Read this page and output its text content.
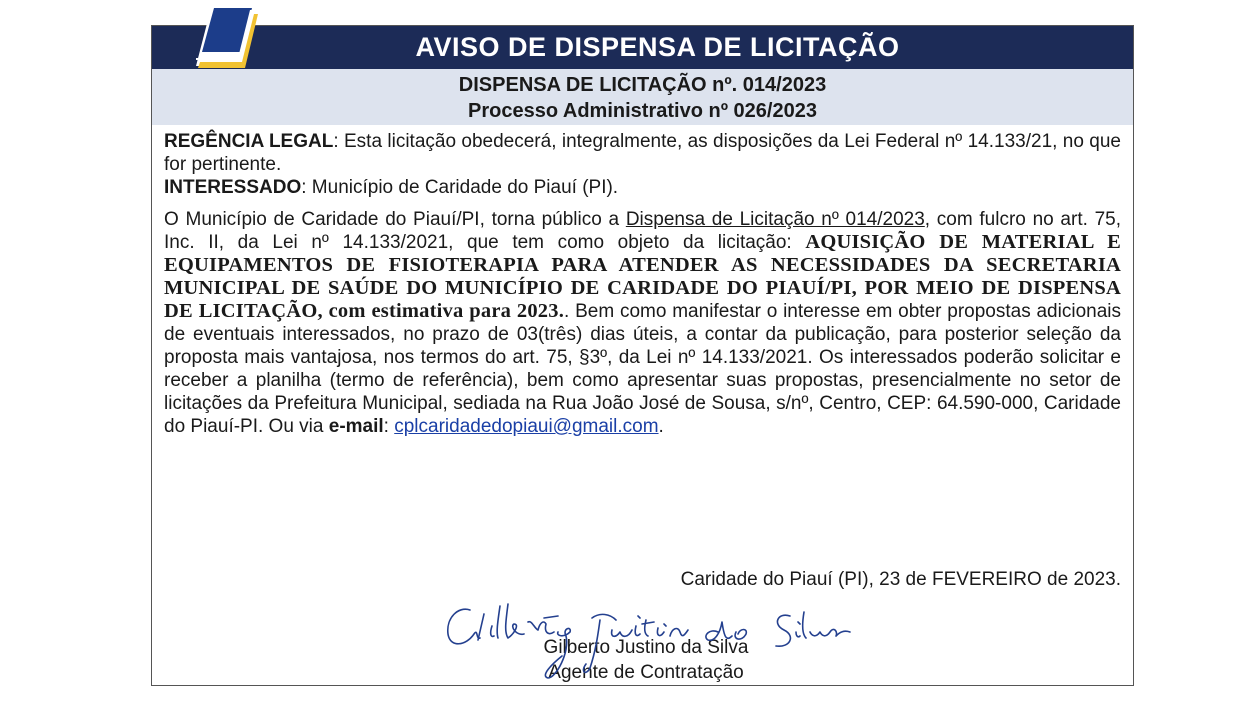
AVISO DE DISPENSA DE LICITAÇÃO
DISPENSA DE LICITAÇÃO nº. 014/2023
Processo Administrativo nº 026/2023

REGÊNCIA LEGAL: Esta licitação obedecerá, integralmente, as disposições da Lei Federal nº 14.133/21, no que for pertinente.

INTERESSADO: Município de Caridade do Piauí (PI).

O Município de Caridade do Piauí/PI, torna público a Dispensa de Licitação nº 014/2023, com fulcro no art. 75, Inc. II, da Lei nº 14.133/2021, que tem como objeto da licitação: AQUISIÇÃO DE MATERIAL E EQUIPAMENTOS DE FISIOTERAPIA PARA ATENDER AS NECESSIDADES DA SECRETARIA MUNICIPAL DE SAÚDE DO MUNICÍPIO DE CARIDADE DO PIAUÍ/PI, POR MEIO DE DISPENSA DE LICITAÇÃO, com estimativa para 2023.. Bem como manifestar o interesse em obter propostas adicionais de eventuais interessados, no prazo de 03(três) dias úteis, a contar da publicação, para posterior seleção da proposta mais vantajosa, nos termos do art. 75, §3º, da Lei nº 14.133/2021. Os interessados poderão solicitar e receber a planilha (termo de referência), bem como apresentar suas propostas, presencialmente no setor de licitações da Prefeitura Municipal, sediada na Rua João José de Sousa, s/nº, Centro, CEP: 64.590-000, Caridade do Piauí-PI. Ou via e-mail: cplcaridadedopiaui@gmail.com.

Caridade do Piauí (PI), 23 de FEVEREIRO de 2023.
Gilberto Justino da Silva
Agente de Contratação
